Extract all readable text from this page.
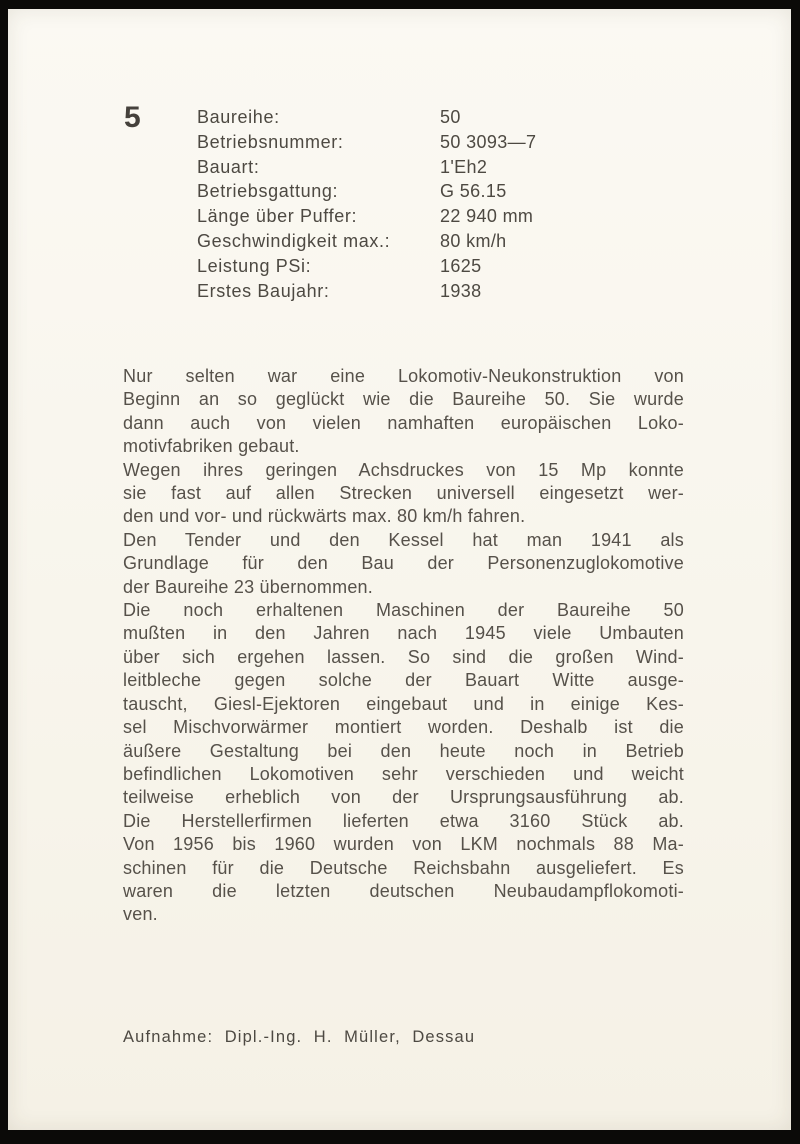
5	Baureihe:	50
Betriebsnummer:	50 3093—7
Bauart:	1'Eh2
Betriebsgattung:	G 56.15
Länge über Puffer:	22 940 mm
Geschwindigkeit max.:	80 km/h
Leistung PSi:	1625
Erstes Baujahr:	1938
Nur selten war eine Lokomotiv-Neukonstruktion von
Beginn an so geglückt wie die Baureihe 50. Sie wurde
dann auch von vielen namhaften europäischen Loko-
motivfabriken gebaut.
Wegen ihres geringen Achsdruckes von 15 Mp konnte
sie fast auf allen Strecken universell eingesetzt wer-
den und vor- und rückwärts max. 80 km/h fahren.
Den Tender und den Kessel hat man 1941 als
Grundlage für den Bau der Personenzuglokomotive
der Baureihe 23 übernommen.
Die noch erhaltenen Maschinen der Baureihe 50
mußten in den Jahren nach 1945 viele Umbauten
über sich ergehen lassen. So sind die großen Wind-
leitbleche gegen solche der Bauart Witte ausge-
tauscht, Giesl-Ejektoren eingebaut und in einige Kes-
sel Mischvorwärmer montiert worden. Deshalb ist die
äußere Gestaltung bei den heute noch in Betrieb
befindlichen Lokomotiven sehr verschieden und weicht
teilweise erheblich von der Ursprungsausführung ab.
Die Herstellerfirmen lieferten etwa 3160 Stück ab.
Von 1956 bis 1960 wurden von LKM nochmals 88 Ma-
schinen für die Deutsche Reichsbahn ausgeliefert. Es
waren die letzten deutschen Neubaudampflokomoti-
ven.
Aufnahme: Dipl.-Ing. H. Müller, Dessau
